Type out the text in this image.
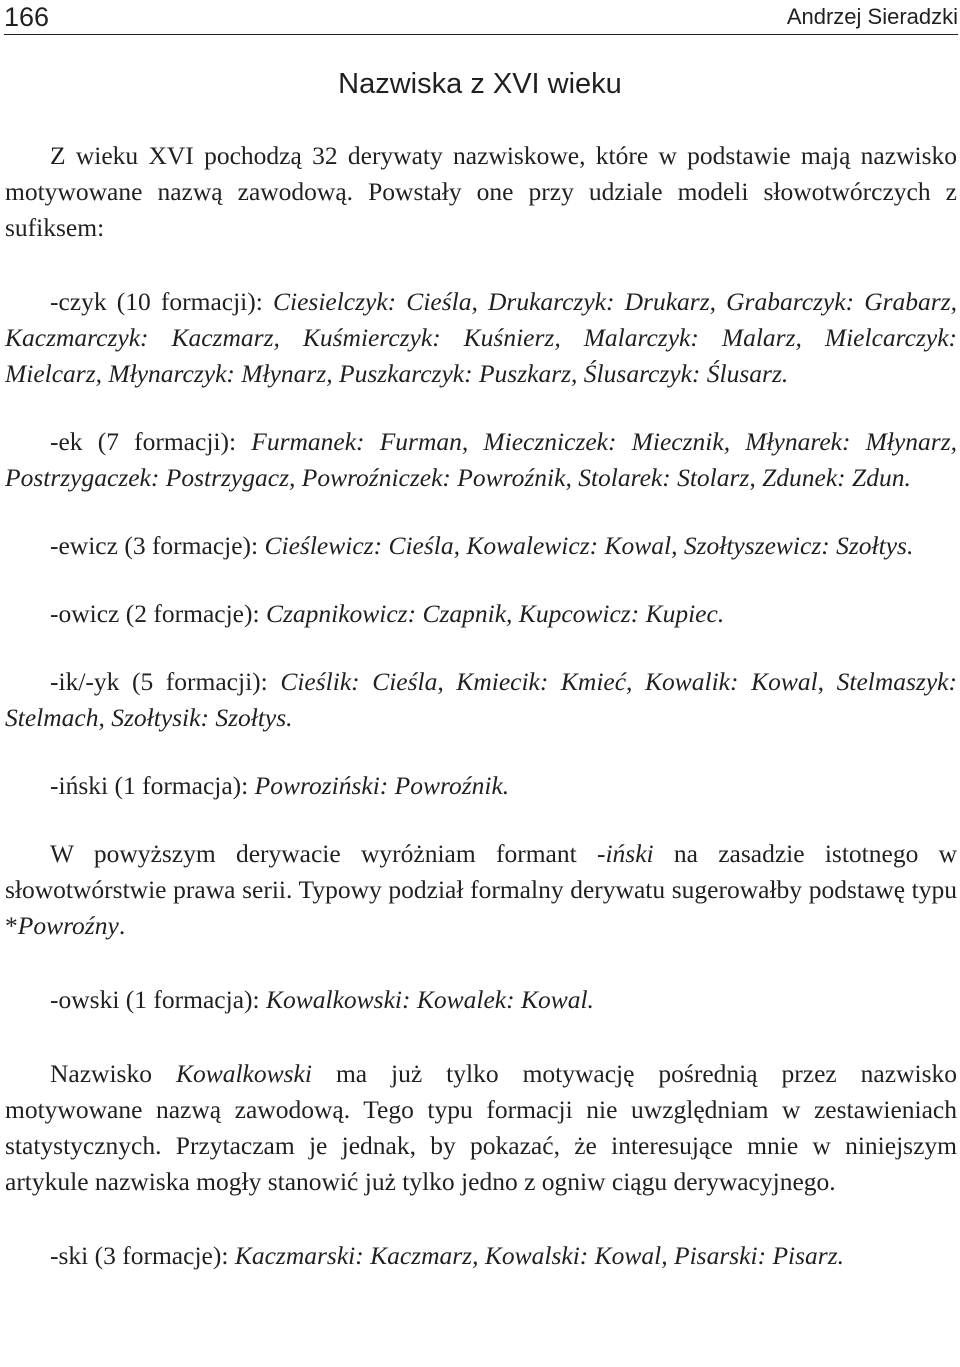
166	Andrzej Sieradzki
Nazwiska z XVI wieku

Z wieku XVI pochodzą 32 derywaty nazwiskowe, które w podstawie mają nazwisko motywowane nazwą zawodową. Powstały one przy udziale modeli słowotwórczych z sufiksem:

-czyk (10 formacji): Ciesielczyk: Cieśla, Drukarczyk: Drukarz, Grabarczyk: Grabarz, Kaczmarczyk: Kaczmarz, Kuśmierczyk: Kuśnierz, Malarczyk: Malarz, Mielcarczyk: Mielcarz, Młynarczyk: Młynarz, Puszkarczyk: Puszkarz, Ślusarczyk: Ślusarz.

-ek (7 formacji): Furmanek: Furman, Mieczniczek: Miecznik, Młynarek: Młynarz, Postrzygaczek: Postrzygacz, Powroźniczek: Powroźnik, Stolarek: Stolarz, Zdunek: Zdun.

-ewicz (3 formacje): Cieślewicz: Cieśla, Kowalewicz: Kowal, Szołtyszewicz: Szołtys.

-owicz (2 formacje): Czapnikowicz: Czapnik, Kupcowicz: Kupiec.

-ik/-yk (5 formacji): Cieślik: Cieśla, Kmiecik: Kmieć, Kowalik: Kowal, Stelmaszyk: Stelmach, Szołtysik: Szołtys.

-iński (1 formacja): Powroziński: Powroźnik.

W powyższym derywacie wyróżniam formant -iński na zasadzie istotnego w słowotwórstwie prawa serii. Typowy podział formalny derywatu sugerowałby podstawę typu *Powroźny.

-owski (1 formacja): Kowalkowski: Kowalek: Kowal.

Nazwisko Kowalkowski ma już tylko motywację pośrednią przez nazwisko motywowane nazwą zawodową. Tego typu formacji nie uwzględniam w zestawieniach statystycznych. Przytaczam je jednak, by pokazać, że interesujące mnie w niniejszym artykule nazwiska mogły stanowić już tylko jedno z ogniw ciągu derywacyjnego.

-ski (3 formacje): Kaczmarski: Kaczmarz, Kowalski: Kowal, Pisarski: Pisarz.
